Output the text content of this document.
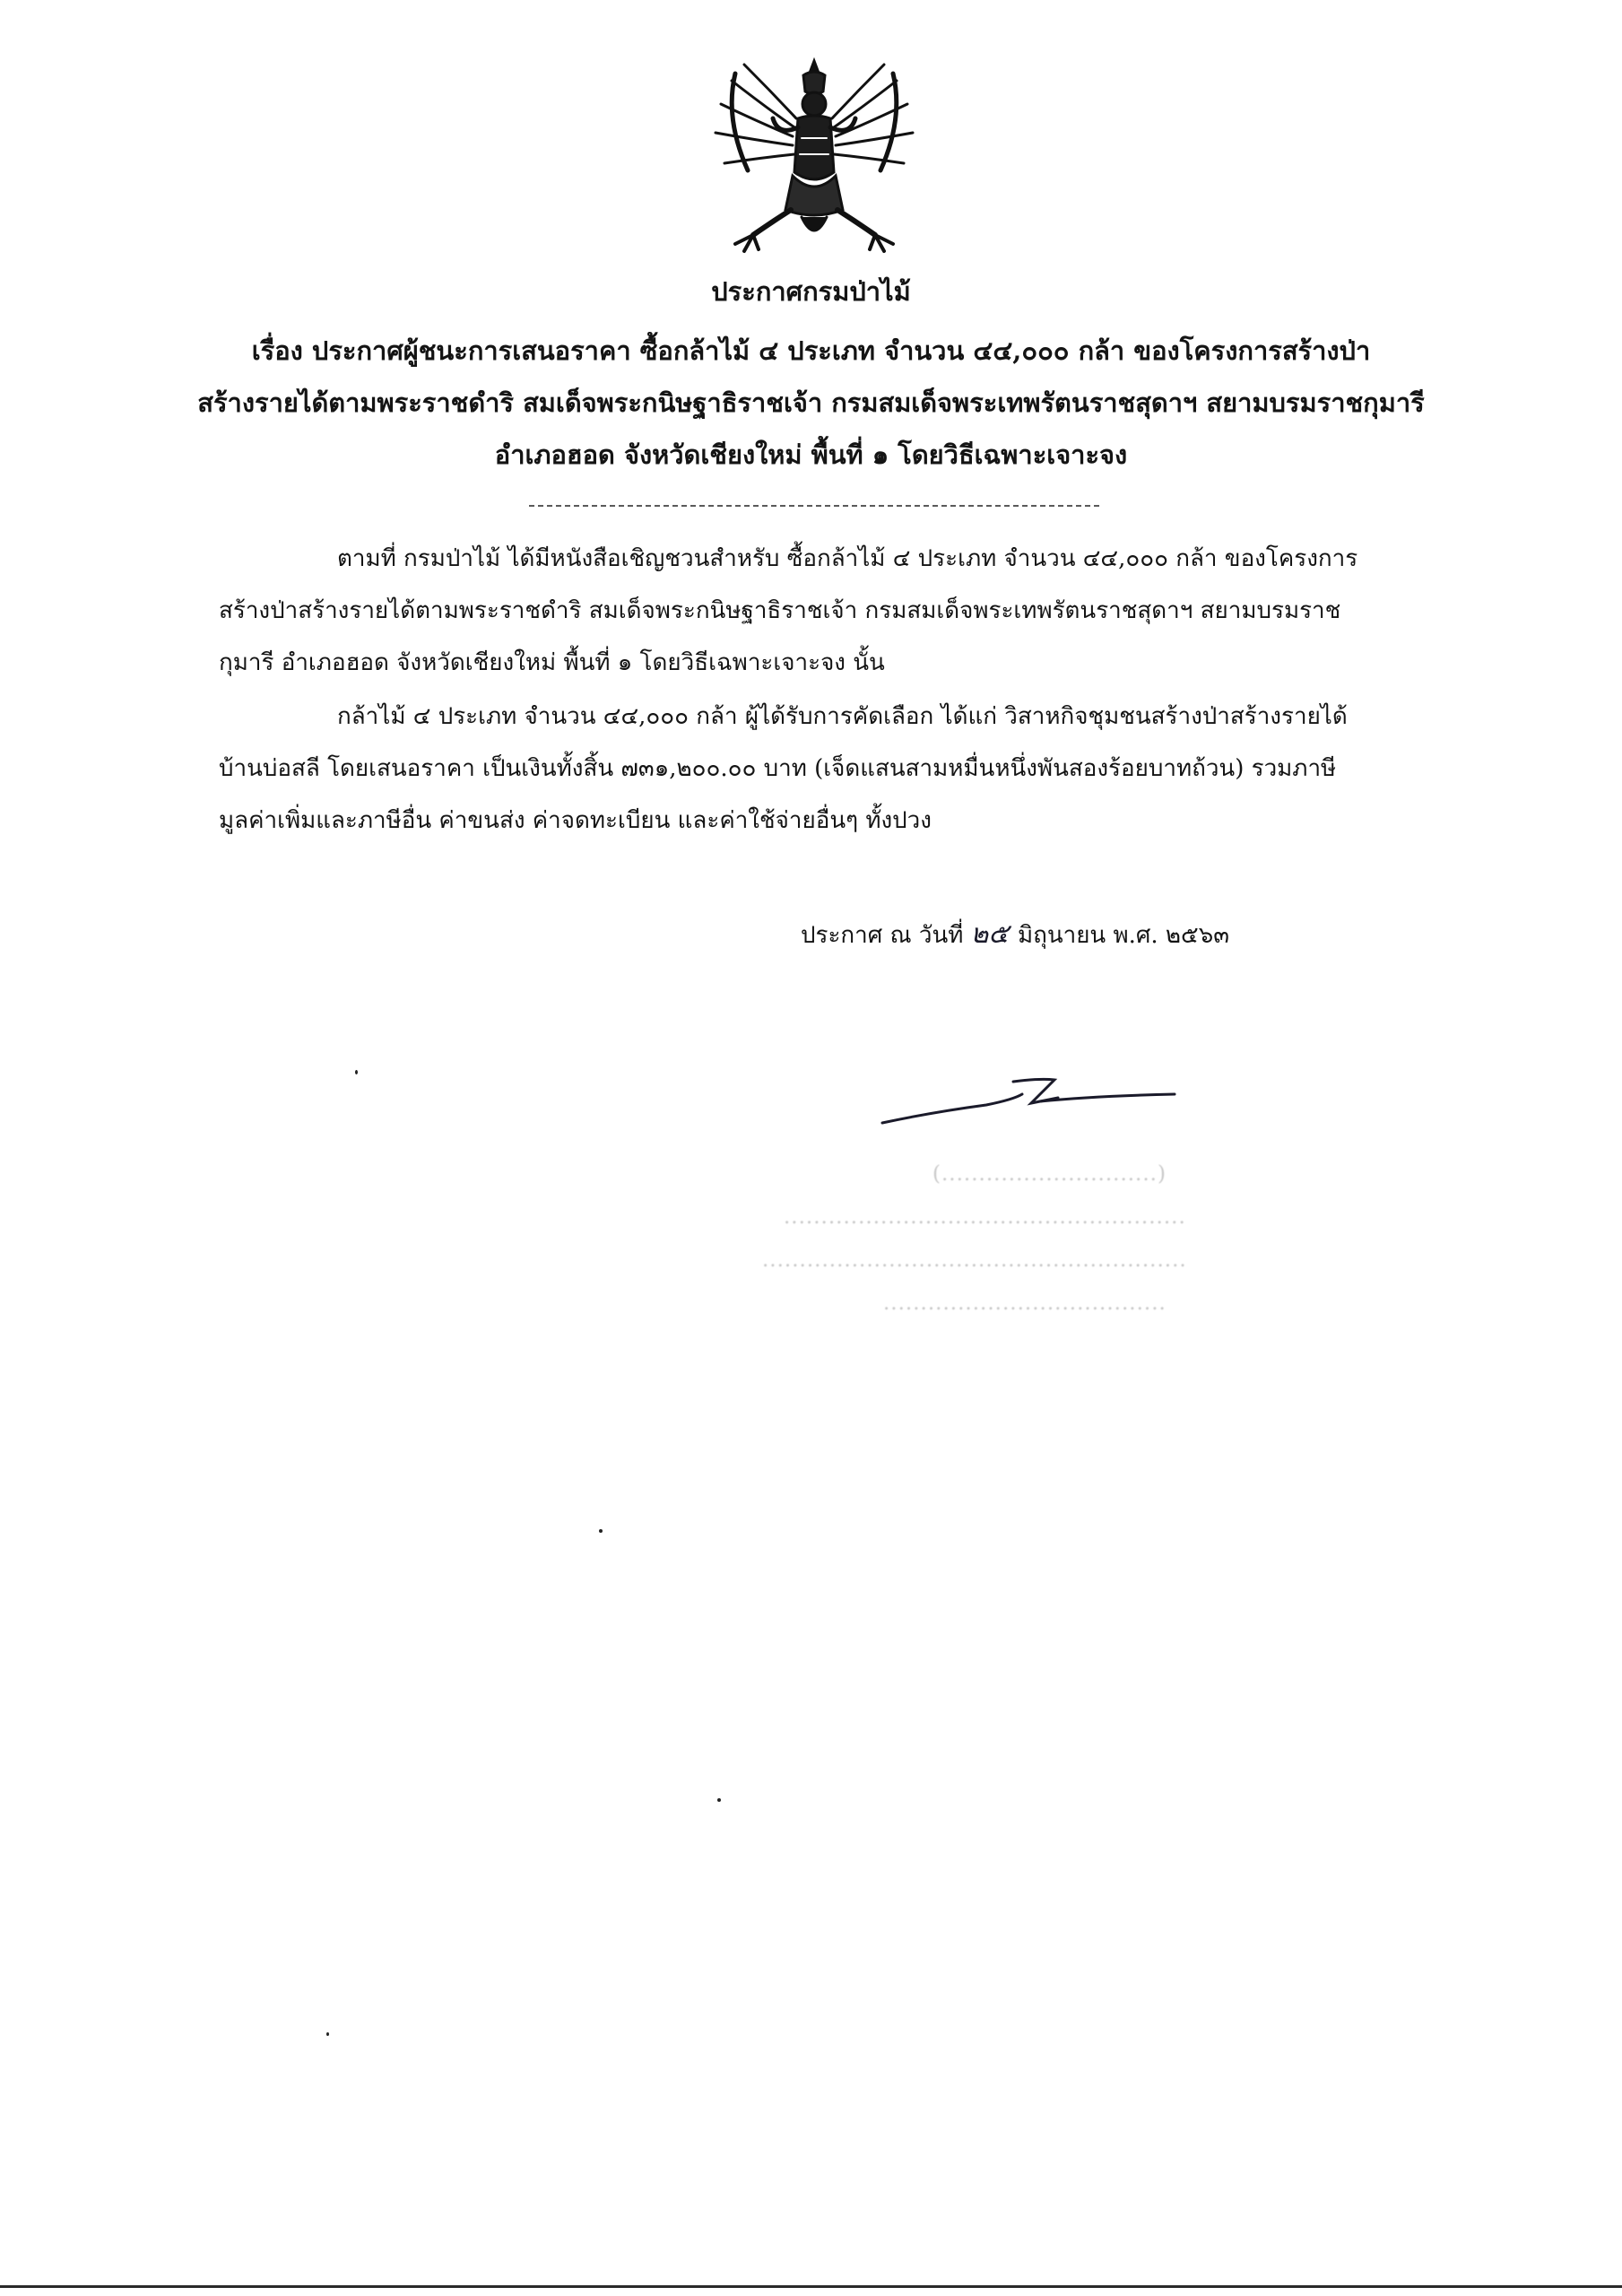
ประกาศกรมป่าไม้
เรื่อง ประกาศผู้ชนะการเสนอราคา ซื้อกล้าไม้ ๔ ประเภท จำนวน ๔๔,๐๐๐ กล้า ของโครงการสร้างป่า
สร้างรายได้ตามพระราชดำริ สมเด็จพระกนิษฐาธิราชเจ้า กรมสมเด็จพระเทพรัตนราชสุดาฯ สยามบรมราชกุมารี
อำเภอฮอด จังหวัดเชียงใหม่ พื้นที่ ๑ โดยวิธีเฉพาะเจาะจง
ตามที่ กรมป่าไม้ ได้มีหนังสือเชิญชวนสำหรับ ซื้อกล้าไม้ ๔ ประเภท จำนวน ๔๔,๐๐๐ กล้า ของโครงการ
สร้างป่าสร้างรายได้ตามพระราชดำริ สมเด็จพระกนิษฐาธิราชเจ้า กรมสมเด็จพระเทพรัตนราชสุดาฯ สยามบรมราช
กุมารี อำเภอฮอด จังหวัดเชียงใหม่ พื้นที่ ๑ โดยวิธีเฉพาะเจาะจง นั้น
กล้าไม้ ๔ ประเภท จำนวน ๔๔,๐๐๐ กล้า ผู้ได้รับการคัดเลือก ได้แก่ วิสาหกิจชุมชนสร้างป่าสร้างรายได้
บ้านบ่อสลี โดยเสนอราคา เป็นเงินทั้งสิ้น ๗๓๑,๒๐๐.๐๐ บาท (เจ็ดแสนสามหมื่นหนึ่งพันสองร้อยบาทถ้วน) รวมภาษี
มูลค่าเพิ่มและภาษีอื่น ค่าขนส่ง ค่าจดทะเบียน และค่าใช้จ่ายอื่นๆ ทั้งปวง
ประกาศ ณ วันที่ ๒๕ มิถุนายน พ.ศ. ๒๕๖๓
(.............................)
......................................................
.........................................................
......................................
